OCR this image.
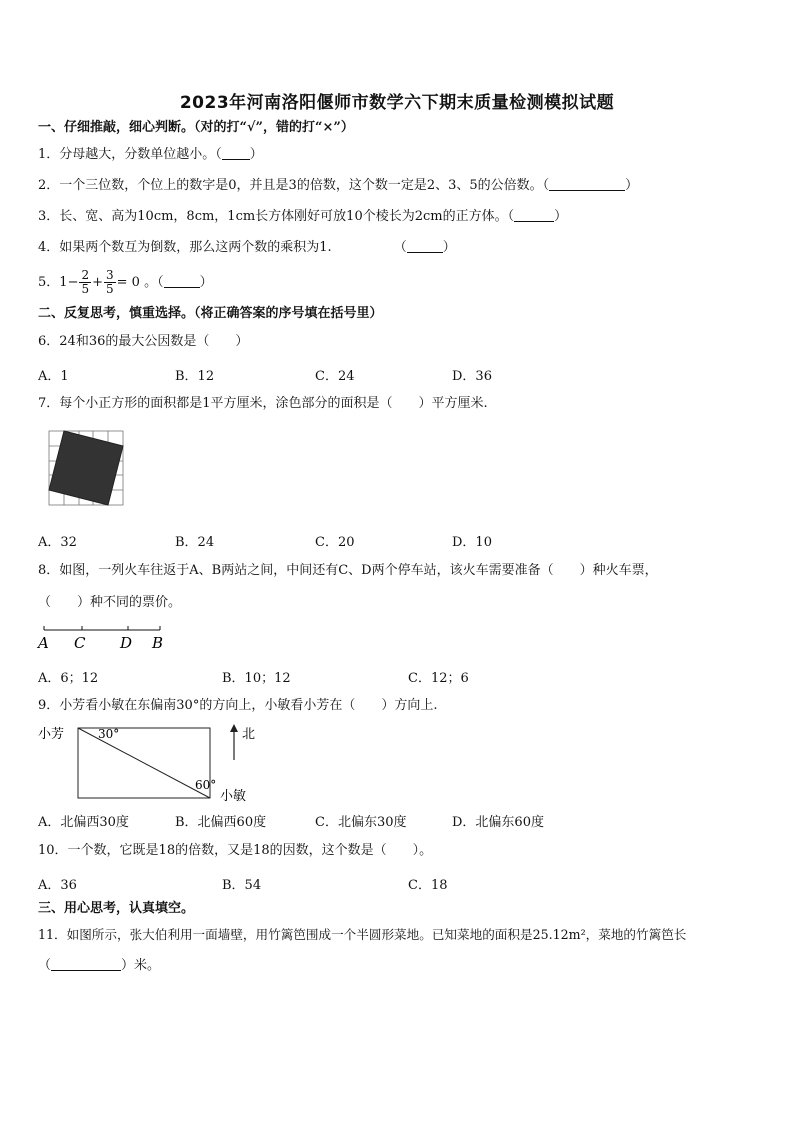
2023年河南洛阳偃师市数学六下期末质量检测模拟试题
一、仔细推敲，细心判断。（对的打“√”，错的打“×”）
1．分母越大，分数单位越小。（ ）
2．一个三位数，个位上的数字是0，并且是3的倍数，这个数一定是2、3、5的公倍数。（	）
3．长、宽、高为10cm，8cm，1cm长方体刚好可放10个棱长为2cm的正方体。（	）
4．如果两个数互为倒数，那么这两个数的乘积为1.	（	）
5．$1- \frac{2}{5} + \frac{3}{5} = 0$ 。（	）
二、反复思考，慎重选择。（将正确答案的序号填在括号里）
6．24和36的最大公因数是（　　）
A．1	B．12	C．24	D．36
7．每个小正方形的面积都是1平方厘米，涂色部分的面积是（　　）平方厘米.
A．32	B．24	C．20	D．10
8．如图，一列火车往返于A、B两站之间，中间还有C、D两个停车站，该火车需要准备（　　）种火车票，
（　　）种不同的票价。
A C D B
A．6；12	B．10；12	C．12；6
9．小芳看小敏在东偏南30°的方向上，小敏看小芳在（　　）方向上.
小芳	30°
60°
小敏
北
A．北偏西30度	B．北偏西60度	C．北偏东30度	D．北偏东60度
10．一个数，它既是18的倍数，又是18的因数，这个数是（　　）。
A．36	B．54	C．18
三、用心思考，认真填空。
11．如图所示，张大伯利用一面墙壁，用竹篱笆围成一个半圆形菜地。已知菜地的面积是25.12m²，菜地的竹篱笆长
（	）米。
